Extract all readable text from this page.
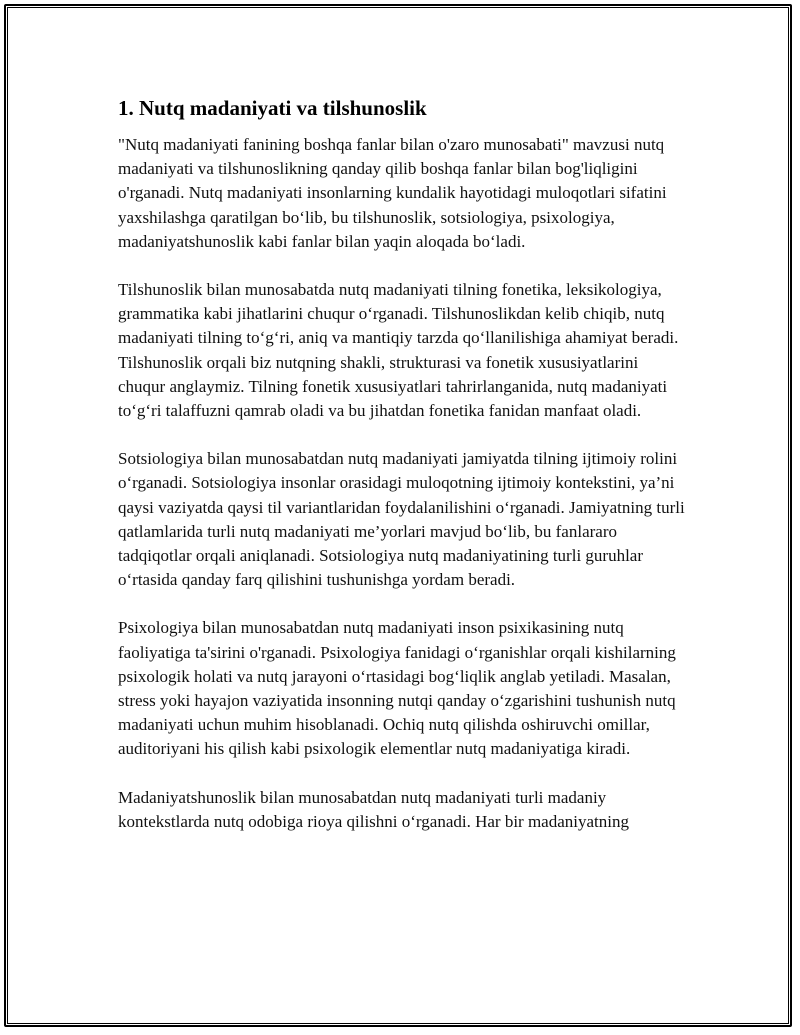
1. Nutq madaniyati va tilshunoslik

"Nutq madaniyati fanining boshqa fanlar bilan o'zaro munosabati" mavzusi nutq madaniyati va tilshunoslikning qanday qilib boshqa fanlar bilan bog'liqligini o'rganadi. Nutq madaniyati insonlarning kundalik hayotidagi muloqotlari sifatini yaxshilashga qaratilgan boʻlib, bu tilshunoslik, sotsiologiya, psixologiya, madaniyatshunoslik kabi fanlar bilan yaqin aloqada boʻladi.

Tilshunoslik bilan munosabatda nutq madaniyati tilning fonetika, leksikologiya, grammatika kabi jihatlarini chuqur oʻrganadi. Tilshunoslikdan kelib chiqib, nutq madaniyati tilning toʻgʻri, aniq va mantiqiy tarzda qoʻllanilishiga ahamiyat beradi. Tilshunoslik orqali biz nutqning shakli, strukturasi va fonetik xususiyatlarini chuqur anglaymiz. Tilning fonetik xususiyatlari tahrirlanganida, nutq madaniyati toʻgʻri talaffuzni qamrab oladi va bu jihatdan fonetika fanidan manfaat oladi.

Sotsiologiya bilan munosabatdan nutq madaniyati jamiyatda tilning ijtimoiy rolini oʻrganadi. Sotsiologiya insonlar orasidagi muloqotning ijtimoiy kontekstini, ya’ni qaysi vaziyatda qaysi til variantlaridan foydalanilishini oʻrganadi. Jamiyatning turli qatlamlarida turli nutq madaniyati me’yorlari mavjud boʻlib, bu fanlararo tadqiqotlar orqali aniqlanadi. Sotsiologiya nutq madaniyatining turli guruhlar oʻrtasida qanday farq qilishini tushunishga yordam beradi.

Psixologiya bilan munosabatdan nutq madaniyati inson psixikasining nutq faoliyatiga ta'sirini o'rganadi. Psixologiya fanidagi oʻrganishlar orqali kishilarning psixologik holati va nutq jarayoni oʻrtasidagi bogʻliqlik anglab yetiladi. Masalan, stress yoki hayajon vaziyatida insonning nutqi qanday oʻzgarishini tushunish nutq madaniyati uchun muhim hisoblanadi. Ochiq nutq qilishda oshiruvchi omillar, auditoriyani his qilish kabi psixologik elementlar nutq madaniyatiga kiradi.

Madaniyatshunoslik bilan munosabatdan nutq madaniyati turli madaniy kontekstlarda nutq odobiga rioya qilishni oʻrganadi. Har bir madaniyatning
